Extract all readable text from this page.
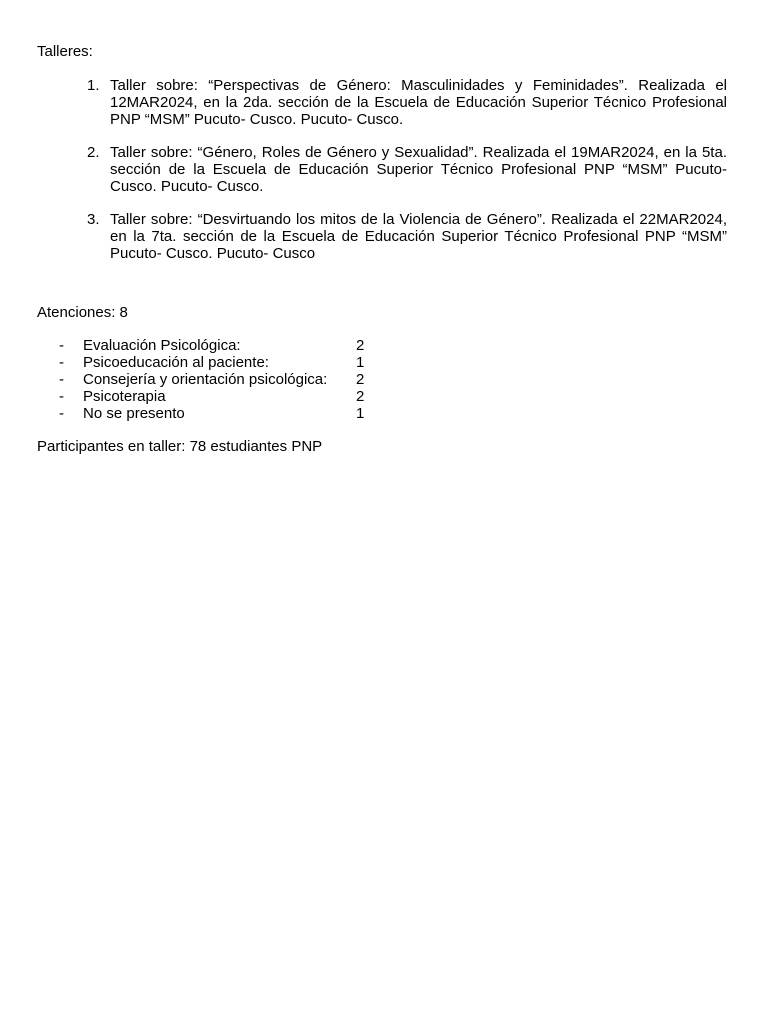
Talleres:

1. Taller sobre: “Perspectivas de Género: Masculinidades y Feminidades”. Realizada el 12MAR2024, en la 2da. sección de la Escuela de Educación Superior Técnico Profesional PNP “MSM” Pucuto- Cusco. Pucuto- Cusco.
2. Taller sobre: “Género, Roles de Género y Sexualidad”. Realizada el 19MAR2024, en la 5ta. sección de la Escuela de Educación Superior Técnico Profesional PNP “MSM” Pucuto- Cusco. Pucuto- Cusco.
3. Taller sobre: “Desvirtuando los mitos de la Violencia de Género”. Realizada el 22MAR2024, en la 7ta. sección de la Escuela de Educación Superior Técnico Profesional PNP “MSM” Pucuto- Cusco. Pucuto- Cusco

Atenciones: 8

- Evaluación Psicológica:	2
- Psicoeducación al paciente:	1
- Consejería y orientación psicológica: 2
- Psicoterapia	2
- No se presento	1

Participantes en taller: 78 estudiantes PNP
